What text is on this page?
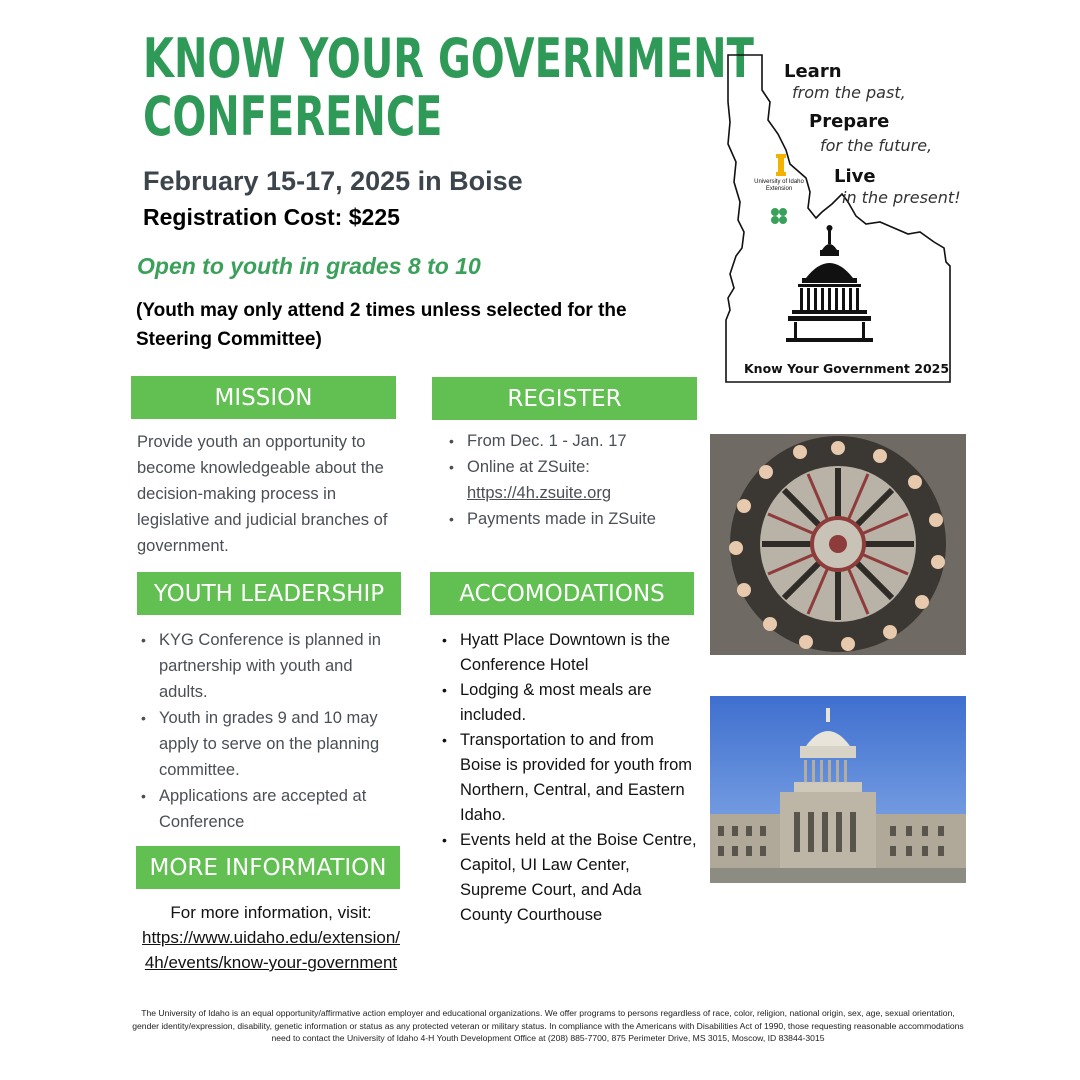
KNOW YOUR GOVERNMENT
CONFERENCE
February 15-17, 2025 in Boise
Registration Cost: $225
Open to youth in grades 8 to 10
(Youth may only attend 2 times unless selected for the Steering Committee)
Learn
from the past,
Prepare
for the future,
Live
in the present!
University of Idaho
Extension
Know Your Government 2025
MISSION
Provide youth an opportunity to become knowledgeable about the decision-making process in legislative and judicial branches of government.
REGISTER
• From Dec. 1 - Jan. 17
• Online at ZSuite:
https://4h.zsuite.org
• Payments made in ZSuite
YOUTH LEADERSHIP
• KYG Conference is planned in partnership with youth and adults.
• Youth in grades 9 and 10 may apply to serve on the planning committee.
• Applications are accepted at Conference
ACCOMODATIONS
• Hyatt Place Downtown is the Conference Hotel
• Lodging & most meals are included.
• Transportation to and from Boise is provided for youth from Northern, Central, and Eastern Idaho.
• Events held at the Boise Centre, Capitol, UI Law Center, Supreme Court, and Ada County Courthouse
MORE INFORMATION
For more information, visit:
https://www.uidaho.edu/extension/4h/events/know-your-government
The University of Idaho is an equal opportunity/affirmative action employer and educational organizations. We offer programs to persons regardless of race, color, religion, national origin, sex, age, sexual orientation, gender identity/expression, disability, genetic information or status as any protected veteran or military status. In compliance with the Americans with Disabilities Act of 1990, those requesting reasonable accommodations need to contact the University of Idaho 4-H Youth Development Office at (208) 885-7700, 875 Perimeter Drive, MS 3015, Moscow, ID 83844-3015
